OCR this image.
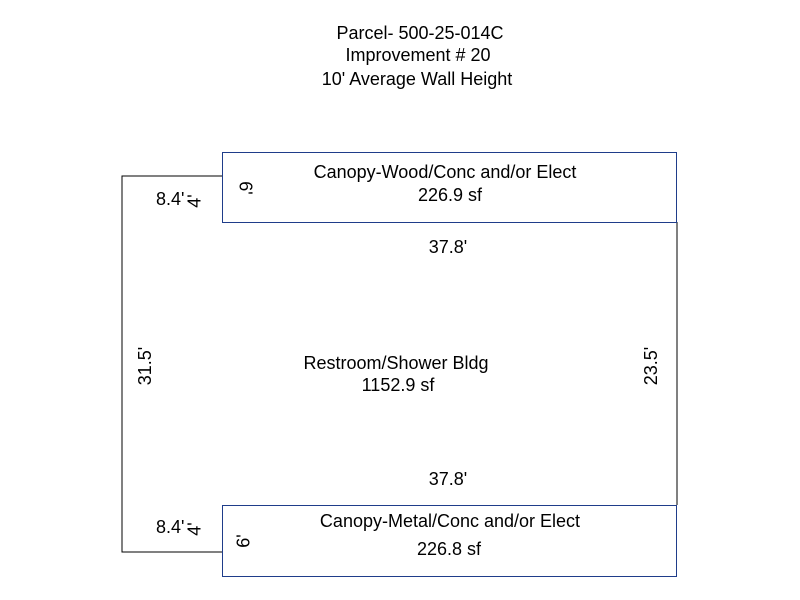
Parcel- 500-25-014C
Improvement # 20
10' Average Wall Height
Canopy-Wood/Conc and/or Elect
226.9 sf
8.4' 4'
6'
37.8'
Restroom/Shower Bldg
1152.9 sf
31.5'	23.5'
37.8'
Canopy-Metal/Conc and/or Elect
226.8 sf
8.4' 4'
6'
